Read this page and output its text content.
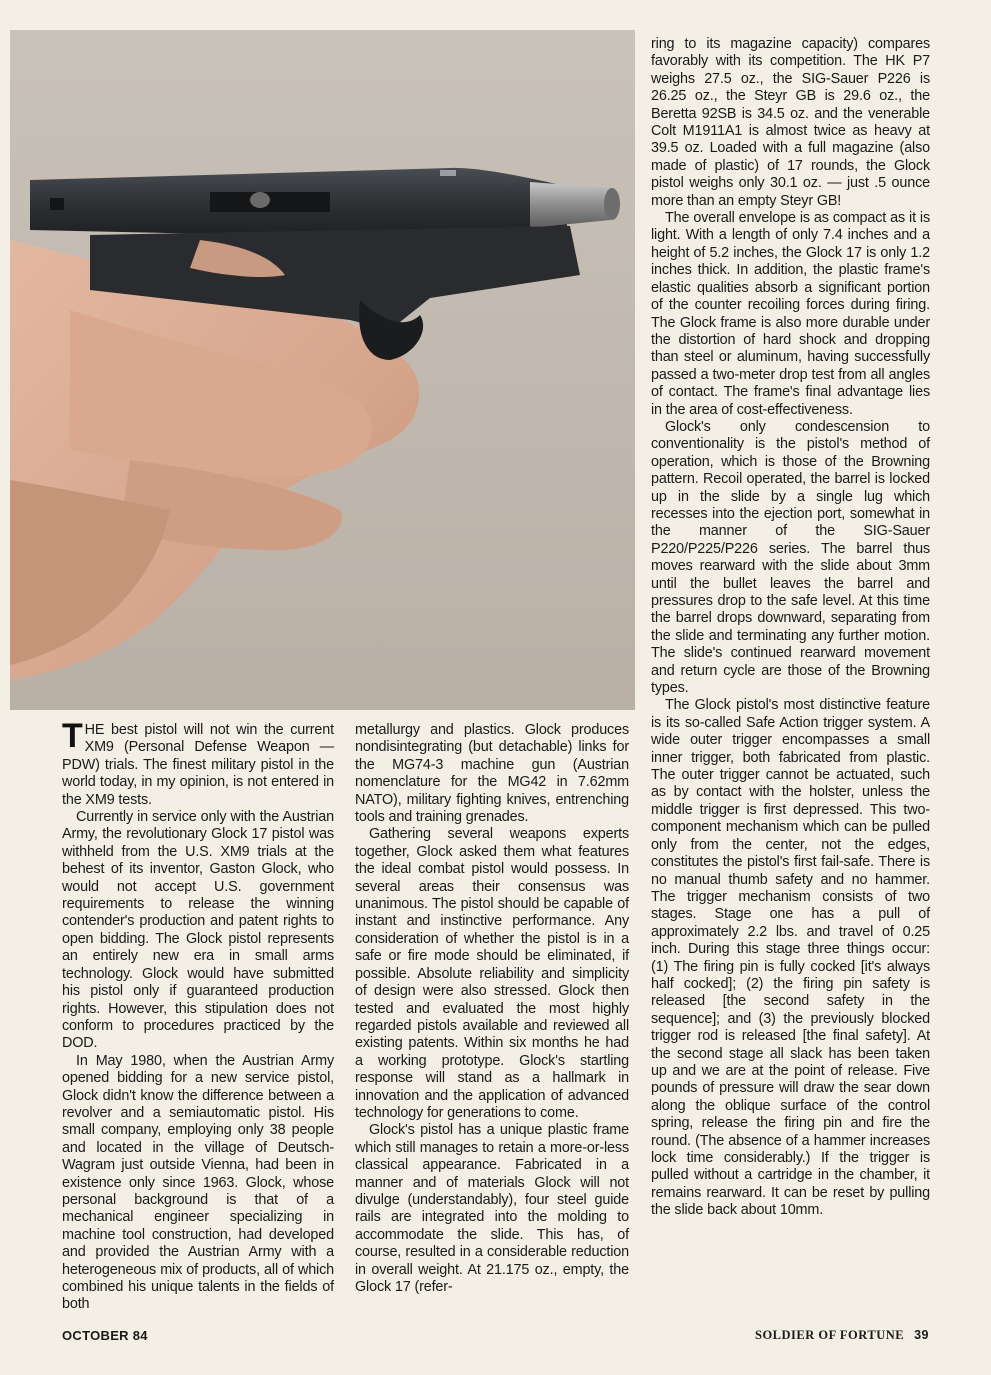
THE best pistol will not win the current XM9 (Personal Defense Weapon — PDW) trials. The finest military pistol in the world today, in my opinion, is not entered in the XM9 tests.

Currently in service only with the Austrian Army, the revolutionary Glock 17 pistol was withheld from the U.S. XM9 trials at the behest of its inventor, Gaston Glock, who would not accept U.S. government requirements to release the winning contender's production and patent rights to open bidding. The Glock pistol represents an entirely new era in small arms technology. Glock would have submitted his pistol only if guaranteed production rights. However, this stipulation does not conform to procedures practiced by the DOD.

In May 1980, when the Austrian Army opened bidding for a new service pistol, Glock didn't know the difference between a revolver and a semiautomatic pistol. His small company, employing only 38 people and located in the village of Deutsch-Wagram just outside Vienna, had been in existence only since 1963. Glock, whose personal background is that of a mechanical engineer specializing in machine tool construction, had developed and provided the Austrian Army with a heterogeneous mix of products, all of which combined his unique talents in the fields of both

metallurgy and plastics. Glock produces nondisintegrating (but detachable) links for the MG74-3 machine gun (Austrian nomenclature for the MG42 in 7.62mm NATO), military fighting knives, entrenching tools and training grenades.

Gathering several weapons experts together, Glock asked them what features the ideal combat pistol would possess. In several areas their consensus was unanimous. The pistol should be capable of instant and instinctive performance. Any consideration of whether the pistol is in a safe or fire mode should be eliminated, if possible. Absolute reliability and simplicity of design were also stressed. Glock then tested and evaluated the most highly regarded pistols available and reviewed all existing patents. Within six months he had a working prototype. Glock's startling response will stand as a hallmark in innovation and the application of advanced technology for generations to come.

Glock's pistol has a unique plastic frame which still manages to retain a more-or-less classical appearance. Fabricated in a manner and of materials Glock will not divulge (understandably), four steel guide rails are integrated into the molding to accommodate the slide. This has, of course, resulted in a considerable reduction in overall weight. At 21.175 oz., empty, the Glock 17 (refer-

ring to its magazine capacity) compares favorably with its competition. The HK P7 weighs 27.5 oz., the SIG-Sauer P226 is 26.25 oz., the Steyr GB is 29.6 oz., the Beretta 92SB is 34.5 oz. and the venerable Colt M1911A1 is almost twice as heavy at 39.5 oz. Loaded with a full magazine (also made of plastic) of 17 rounds, the Glock pistol weighs only 30.1 oz. — just .5 ounce more than an empty Steyr GB!

The overall envelope is as compact as it is light. With a length of only 7.4 inches and a height of 5.2 inches, the Glock 17 is only 1.2 inches thick. In addition, the plastic frame's elastic qualities absorb a significant portion of the counter recoiling forces during firing. The Glock frame is also more durable under the distortion of hard shock and dropping than steel or aluminum, having successfully passed a two-meter drop test from all angles of contact. The frame's final advantage lies in the area of cost-effectiveness.

Glock's only condescension to conventionality is the pistol's method of operation, which is those of the Browning pattern. Recoil operated, the barrel is locked up in the slide by a single lug which recesses into the ejection port, somewhat in the manner of the SIG-Sauer P220/P225/P226 series. The barrel thus moves rearward with the slide about 3mm until the bullet leaves the barrel and pressures drop to the safe level. At this time the barrel drops downward, separating from the slide and terminating any further motion. The slide's continued rearward movement and return cycle are those of the Browning types.

The Glock pistol's most distinctive feature is its so-called Safe Action trigger system. A wide outer trigger encompasses a small inner trigger, both fabricated from plastic. The outer trigger cannot be actuated, such as by contact with the holster, unless the middle trigger is first depressed. This two-component mechanism which can be pulled only from the center, not the edges, constitutes the pistol's first fail-safe. There is no manual thumb safety and no hammer. The trigger mechanism consists of two stages. Stage one has a pull of approximately 2.2 lbs. and travel of 0.25 inch. During this stage three things occur: (1) The firing pin is fully cocked [it's always half cocked]; (2) the firing pin safety is released [the second safety in the sequence]; and (3) the previously blocked trigger rod is released [the final safety]. At the second stage all slack has been taken up and we are at the point of release. Five pounds of pressure will draw the sear down along the oblique surface of the control spring, release the firing pin and fire the round. (The absence of a hammer increases lock time considerably.) If the trigger is pulled without a cartridge in the chamber, it remains rearward. It can be reset by pulling the slide back about 10mm.

OCTOBER 84	SOLDIER OF FORTUNE 39
